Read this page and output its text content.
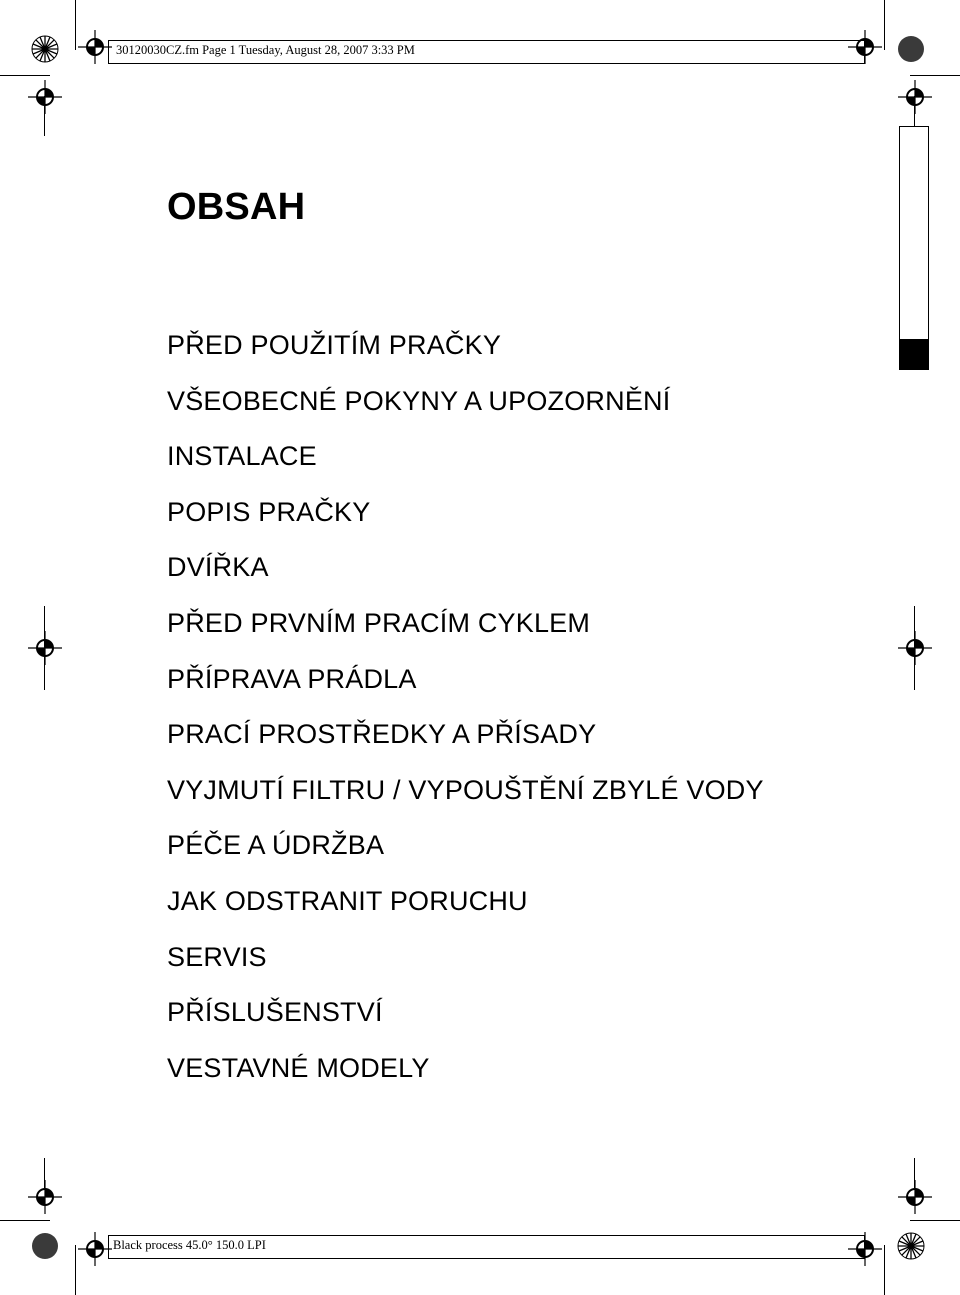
30120030CZ.fm Page 1 Tuesday, August 28, 2007 3:33 PM
Black process 45.0° 150.0 LPI
OBSAH
PŘED POUŽITÍM PRAČKY
VŠEOBECNÉ POKYNY A UPOZORNĚNÍ
INSTALACE
POPIS PRAČKY
DVÍŘKA
PŘED PRVNÍM PRACÍM CYKLEM
PŘÍPRAVA PRÁDLA
PRACÍ PROSTŘEDKY A PŘÍSADY
VYJMUTÍ FILTRU / VYPOUŠTĚNÍ ZBYLÉ VODY
PÉČE A ÚDRŽBA
JAK ODSTRANIT PORUCHU
SERVIS
PŘÍSLUŠENSTVÍ
VESTAVNÉ MODELY
